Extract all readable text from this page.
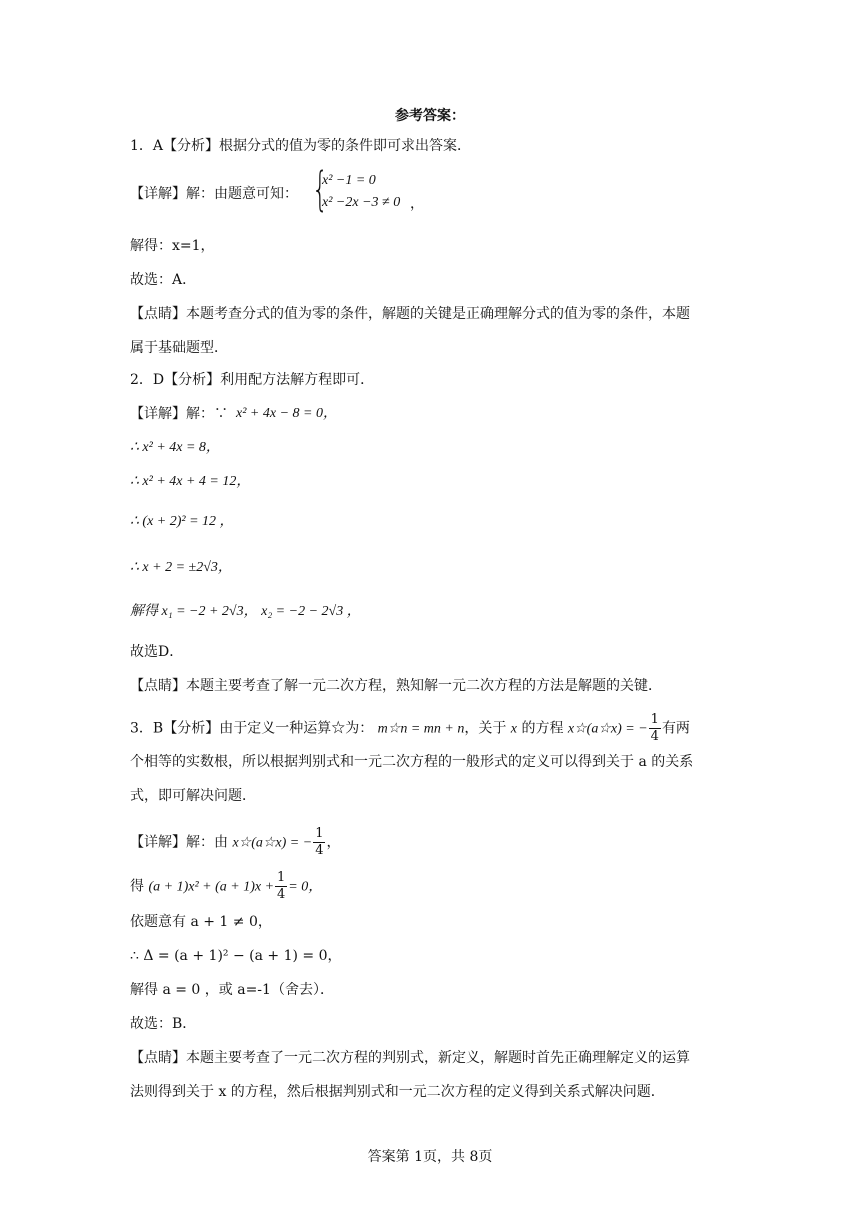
参考答案：
1．A【分析】根据分式的值为零的条件即可求出答案．
【详解】解：由题意可知： {
x² −1 = 0
x² −2x −3 ≠ 0 ，
解得：x=1，
故选：A．
【点睛】本题考查分式的值为零的条件，解题的关键是正确理解分式的值为零的条件，本题
属于基础题型．
2．D【分析】利用配方法解方程即可．
【详解】解：∵ x² + 4x − 8 = 0，
∴ x² + 4x = 8，
∴ x² + 4x + 4 = 12，
∴ (x + 2)² = 12 ，
∴ x + 2 = ±2√3，
解得 x₁ = −2 + 2√3， x₂ = −2 − 2√3 ，
故选D．
【点睛】本题主要考查了解一元二次方程，熟知解一元二次方程的方法是解题的关键．
3．B【分析】由于定义一种运算☆为： m☆n = mn + n，关于 x 的方程 x☆(a☆x) = − $\frac{1}{4}$ 有两
个相等的实数根，所以根据判别式和一元二次方程的一般形式的定义可以得到关于 a 的关系
式，即可解决问题．
【详解】解：由 x☆(a☆x) = − $\frac{1}{4}$ ，
得 $(a + 1)x^2 + (a + 1)x + \frac{1}{4} = 0$，
依题意有 a + 1 ≠ 0，
∴ Δ = (a + 1)² − (a + 1) = 0，
解得 a = 0 ，或 a=-1（舍去）．
故选：B．
【点睛】本题主要考查了一元二次方程的判别式，新定义，解题时首先正确理解定义的运算
法则得到关于 x 的方程，然后根据判别式和一元二次方程的定义得到关系式解决问题．
答案第 1页，共 8页
